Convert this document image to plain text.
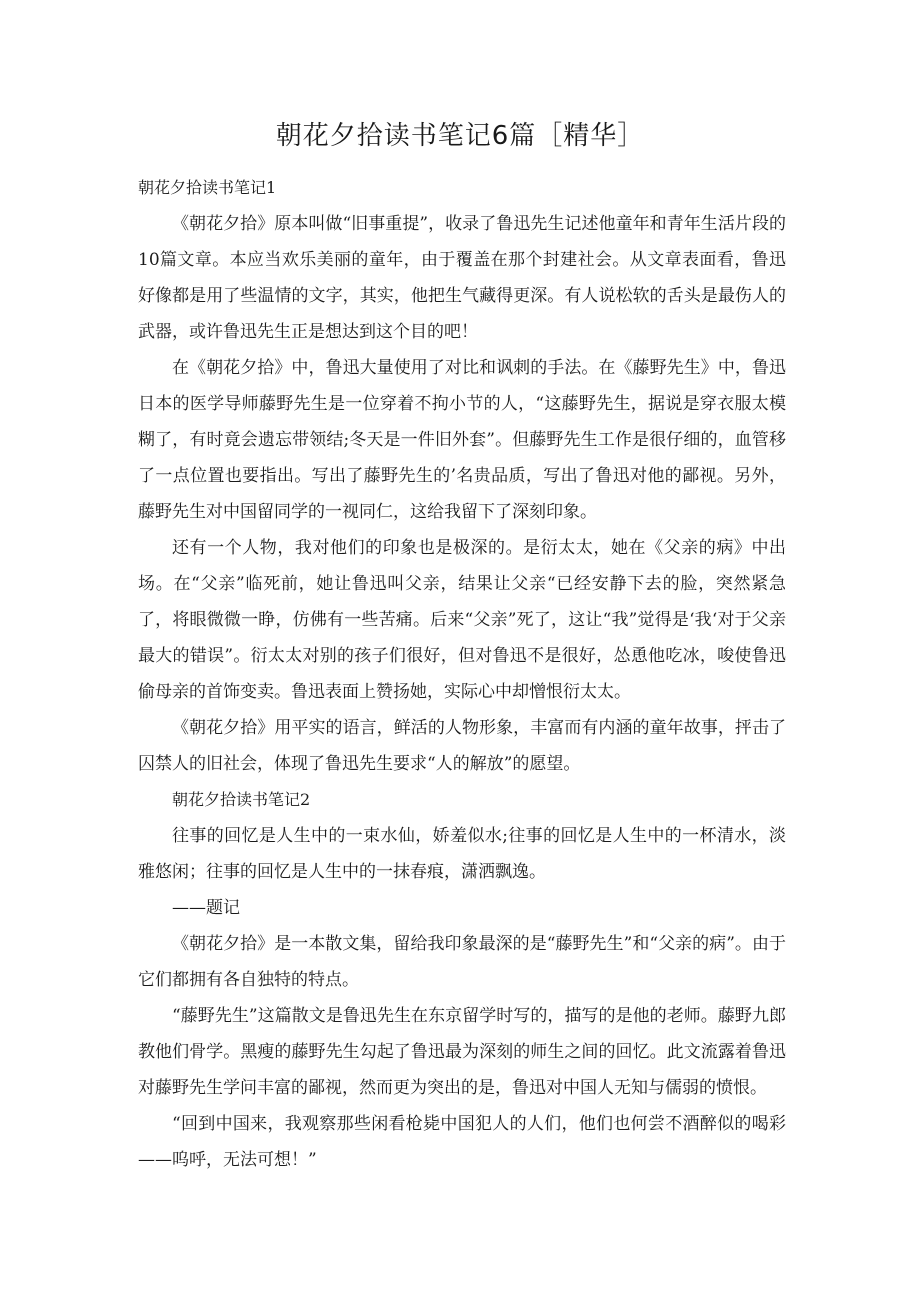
朝花夕拾读书笔记6篇［精华］

朝花夕拾读书笔记1

《朝花夕拾》原本叫做“旧事重提”，收录了鲁迅先生记述他童年和青年生活片段的10篇文章。本应当欢乐美丽的童年，由于覆盖在那个封建社会。从文章表面看，鲁迅好像都是用了些温情的文字，其实，他把生气藏得更深。有人说松软的舌头是最伤人的武器，或许鲁迅先生正是想达到这个目的吧！

在《朝花夕拾》中，鲁迅大量使用了对比和讽刺的手法。在《藤野先生》中，鲁迅日本的医学导师藤野先生是一位穿着不拘小节的人，“这藤野先生，据说是穿衣服太模糊了，有时竟会遗忘带领结;冬天是一件旧外套”。但藤野先生工作是很仔细的，血管移了一点位置也要指出。写出了藤野先生的’名贵品质，写出了鲁迅对他的鄙视。另外，藤野先生对中国留同学的一视同仁，这给我留下了深刻印象。

还有一个人物，我对他们的印象也是极深的。是衍太太，她在《父亲的病》中出场。在“父亲”临死前，她让鲁迅叫父亲，结果让父亲“已经安静下去的脸，突然紧急了，将眼微微一睁，仿佛有一些苦痛。后来“父亲”死了，这让“我”觉得是‘我‘对于父亲最大的错误”。衍太太对别的孩子们很好，但对鲁迅不是很好，怂恿他吃冰，唆使鲁迅偷母亲的首饰变卖。鲁迅表面上赞扬她，实际心中却憎恨衍太太。

《朝花夕拾》用平实的语言，鲜活的人物形象，丰富而有内涵的童年故事，抨击了囚禁人的旧社会，体现了鲁迅先生要求“人的解放”的愿望。

朝花夕拾读书笔记2

往事的回忆是人生中的一束水仙，娇羞似水;往事的回忆是人生中的一杯清水，淡雅悠闲；往事的回忆是人生中的一抹春痕，潇洒飘逸。

——题记

《朝花夕拾》是一本散文集，留给我印象最深的是“藤野先生”和“父亲的病”。由于它们都拥有各自独特的特点。

“藤野先生”这篇散文是鲁迅先生在东京留学时写的，描写的是他的老师。藤野九郎教他们骨学。黑瘦的藤野先生勾起了鲁迅最为深刻的师生之间的回忆。此文流露着鲁迅对藤野先生学问丰富的鄙视，然而更为突出的是，鲁迅对中国人无知与儒弱的愤恨。

“回到中国来，我观察那些闲看枪毙中国犯人的人们，他们也何尝不酒醉似的喝彩——呜呼，无法可想！”
